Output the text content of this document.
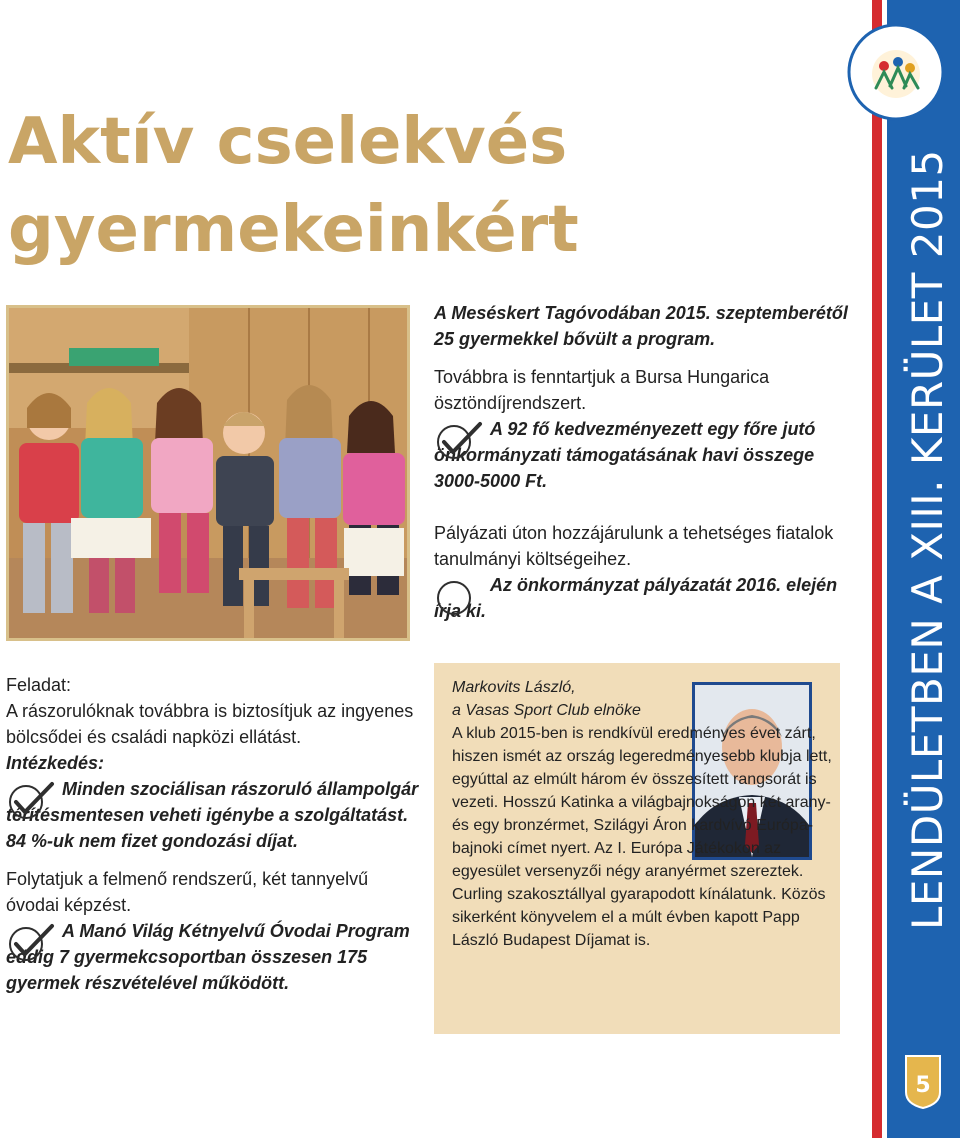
Aktív cselekvés
gyermekeinkért

Feladat:

A rászorulóknak továbbra is biztosítjuk az ingyenes bölcsődei és családi napközi ellátást.

Intézkedés:

Minden szociálisan rászoruló állampolgár térítésmentesen veheti igénybe a szolgáltatást. 84 %-uk nem fizet gondozási díjat.

Folytatjuk a felmenő rendszerű, két tannyelvű óvodai képzést.

A Manó Világ Kétnyelvű Óvodai Program eddig 7 gyermekcsoportban összesen 175 gyermek részvételével működött.

A Meséskert Tagóvodában 2015. szeptemberétől 25 gyermekkel bővült a program.

Továbbra is fenntartjuk a Bursa Hungarica ösztöndíjrendszert.

A 92 fő kedvezményezett egy főre jutó önkormányzati támogatásának havi összege 3000-5000 Ft.

Pályázati úton hozzájárulunk a tehetséges fiatalok tanulmányi költségeihez.

Az önkormányzat pályázatát 2016. elején írja ki.

Markovits László,

a Vasas Sport Club elnöke

A klub 2015-ben is rendkívül eredményes évet zárt, hiszen ismét az ország legeredményesebb klubja lett, egyúttal az elmúlt három év összesített rangsorát is vezeti. Hosszú Katinka a világbajnokságon két arany- és egy bronzérmet, Szilágyi Áron kardvívó Európa-bajnoki címet nyert. Az I. Európa Játékokon az egyesület versenyzői négy aranyérmet szereztek. Curling szakosztállyal gyarapodott kínálatunk. Közös sikerként könyvelem el a múlt évben kapott Papp László Budapest Díjamat is.

LENDÜLETBEN A XIII. KERÜLET 2015
5
